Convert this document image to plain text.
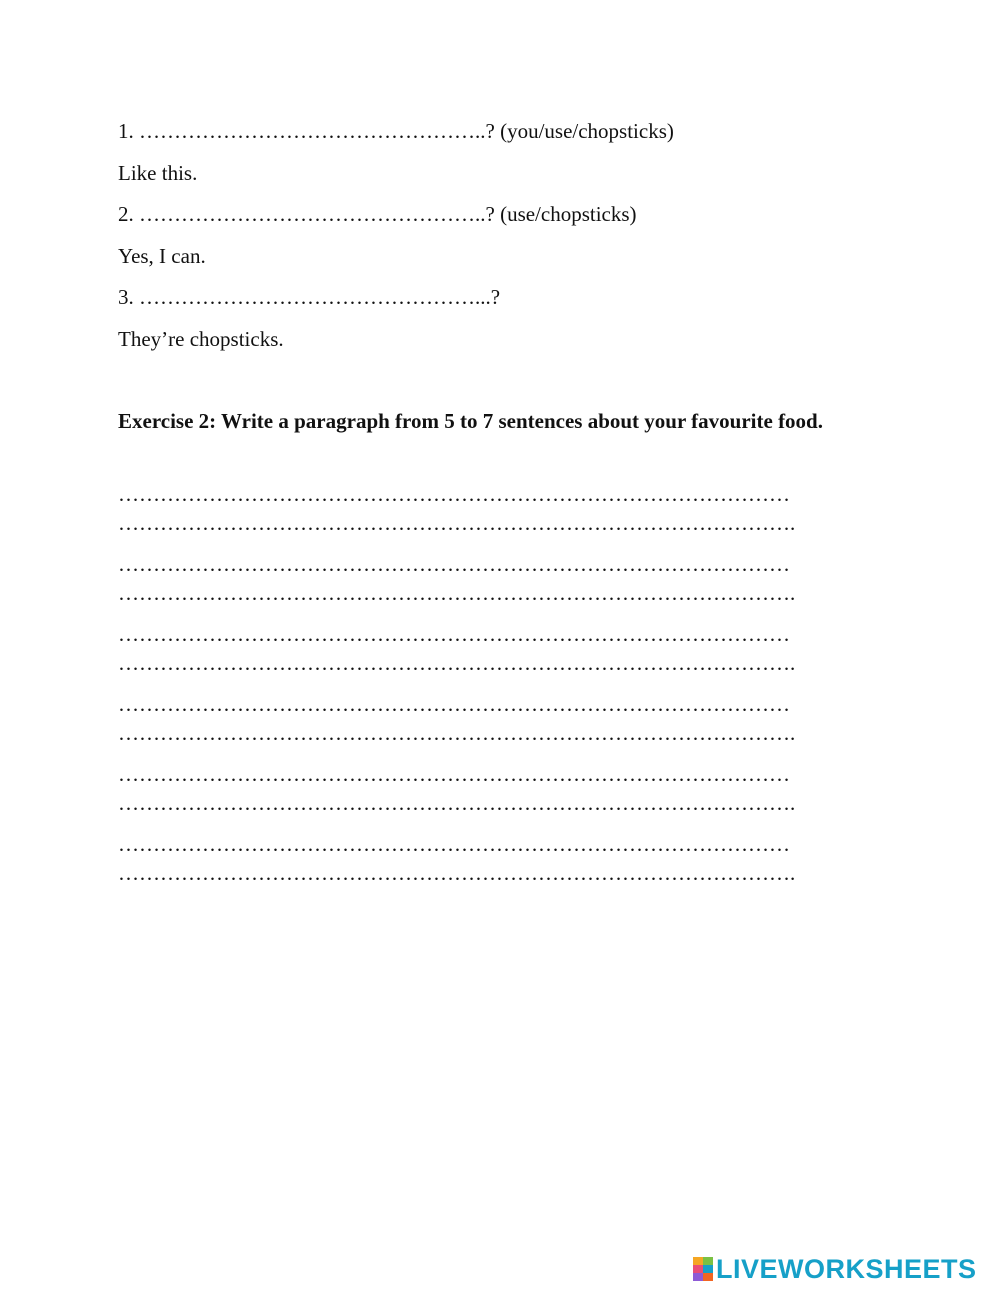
1. …………………………………………..? (you/use/chopsticks)
Like this.
2. …………………………………………..? (use/chopsticks)
Yes, I can.
3. …………………………………………...?
They’re chopsticks.
Exercise 2: Write a paragraph from 5 to 7 sentences about your favourite food.
……………………………………………………………………………………
…………………………………………………………………………………….
……………………………………………………………………………………
…………………………………………………………………………………….
……………………………………………………………………………………
…………………………………………………………………………………….
……………………………………………………………………………………
…………………………………………………………………………………….
……………………………………………………………………………………
…………………………………………………………………………………….
……………………………………………………………………………………
…………………………………………………………………………………….
LIVEWORKSHEETS
